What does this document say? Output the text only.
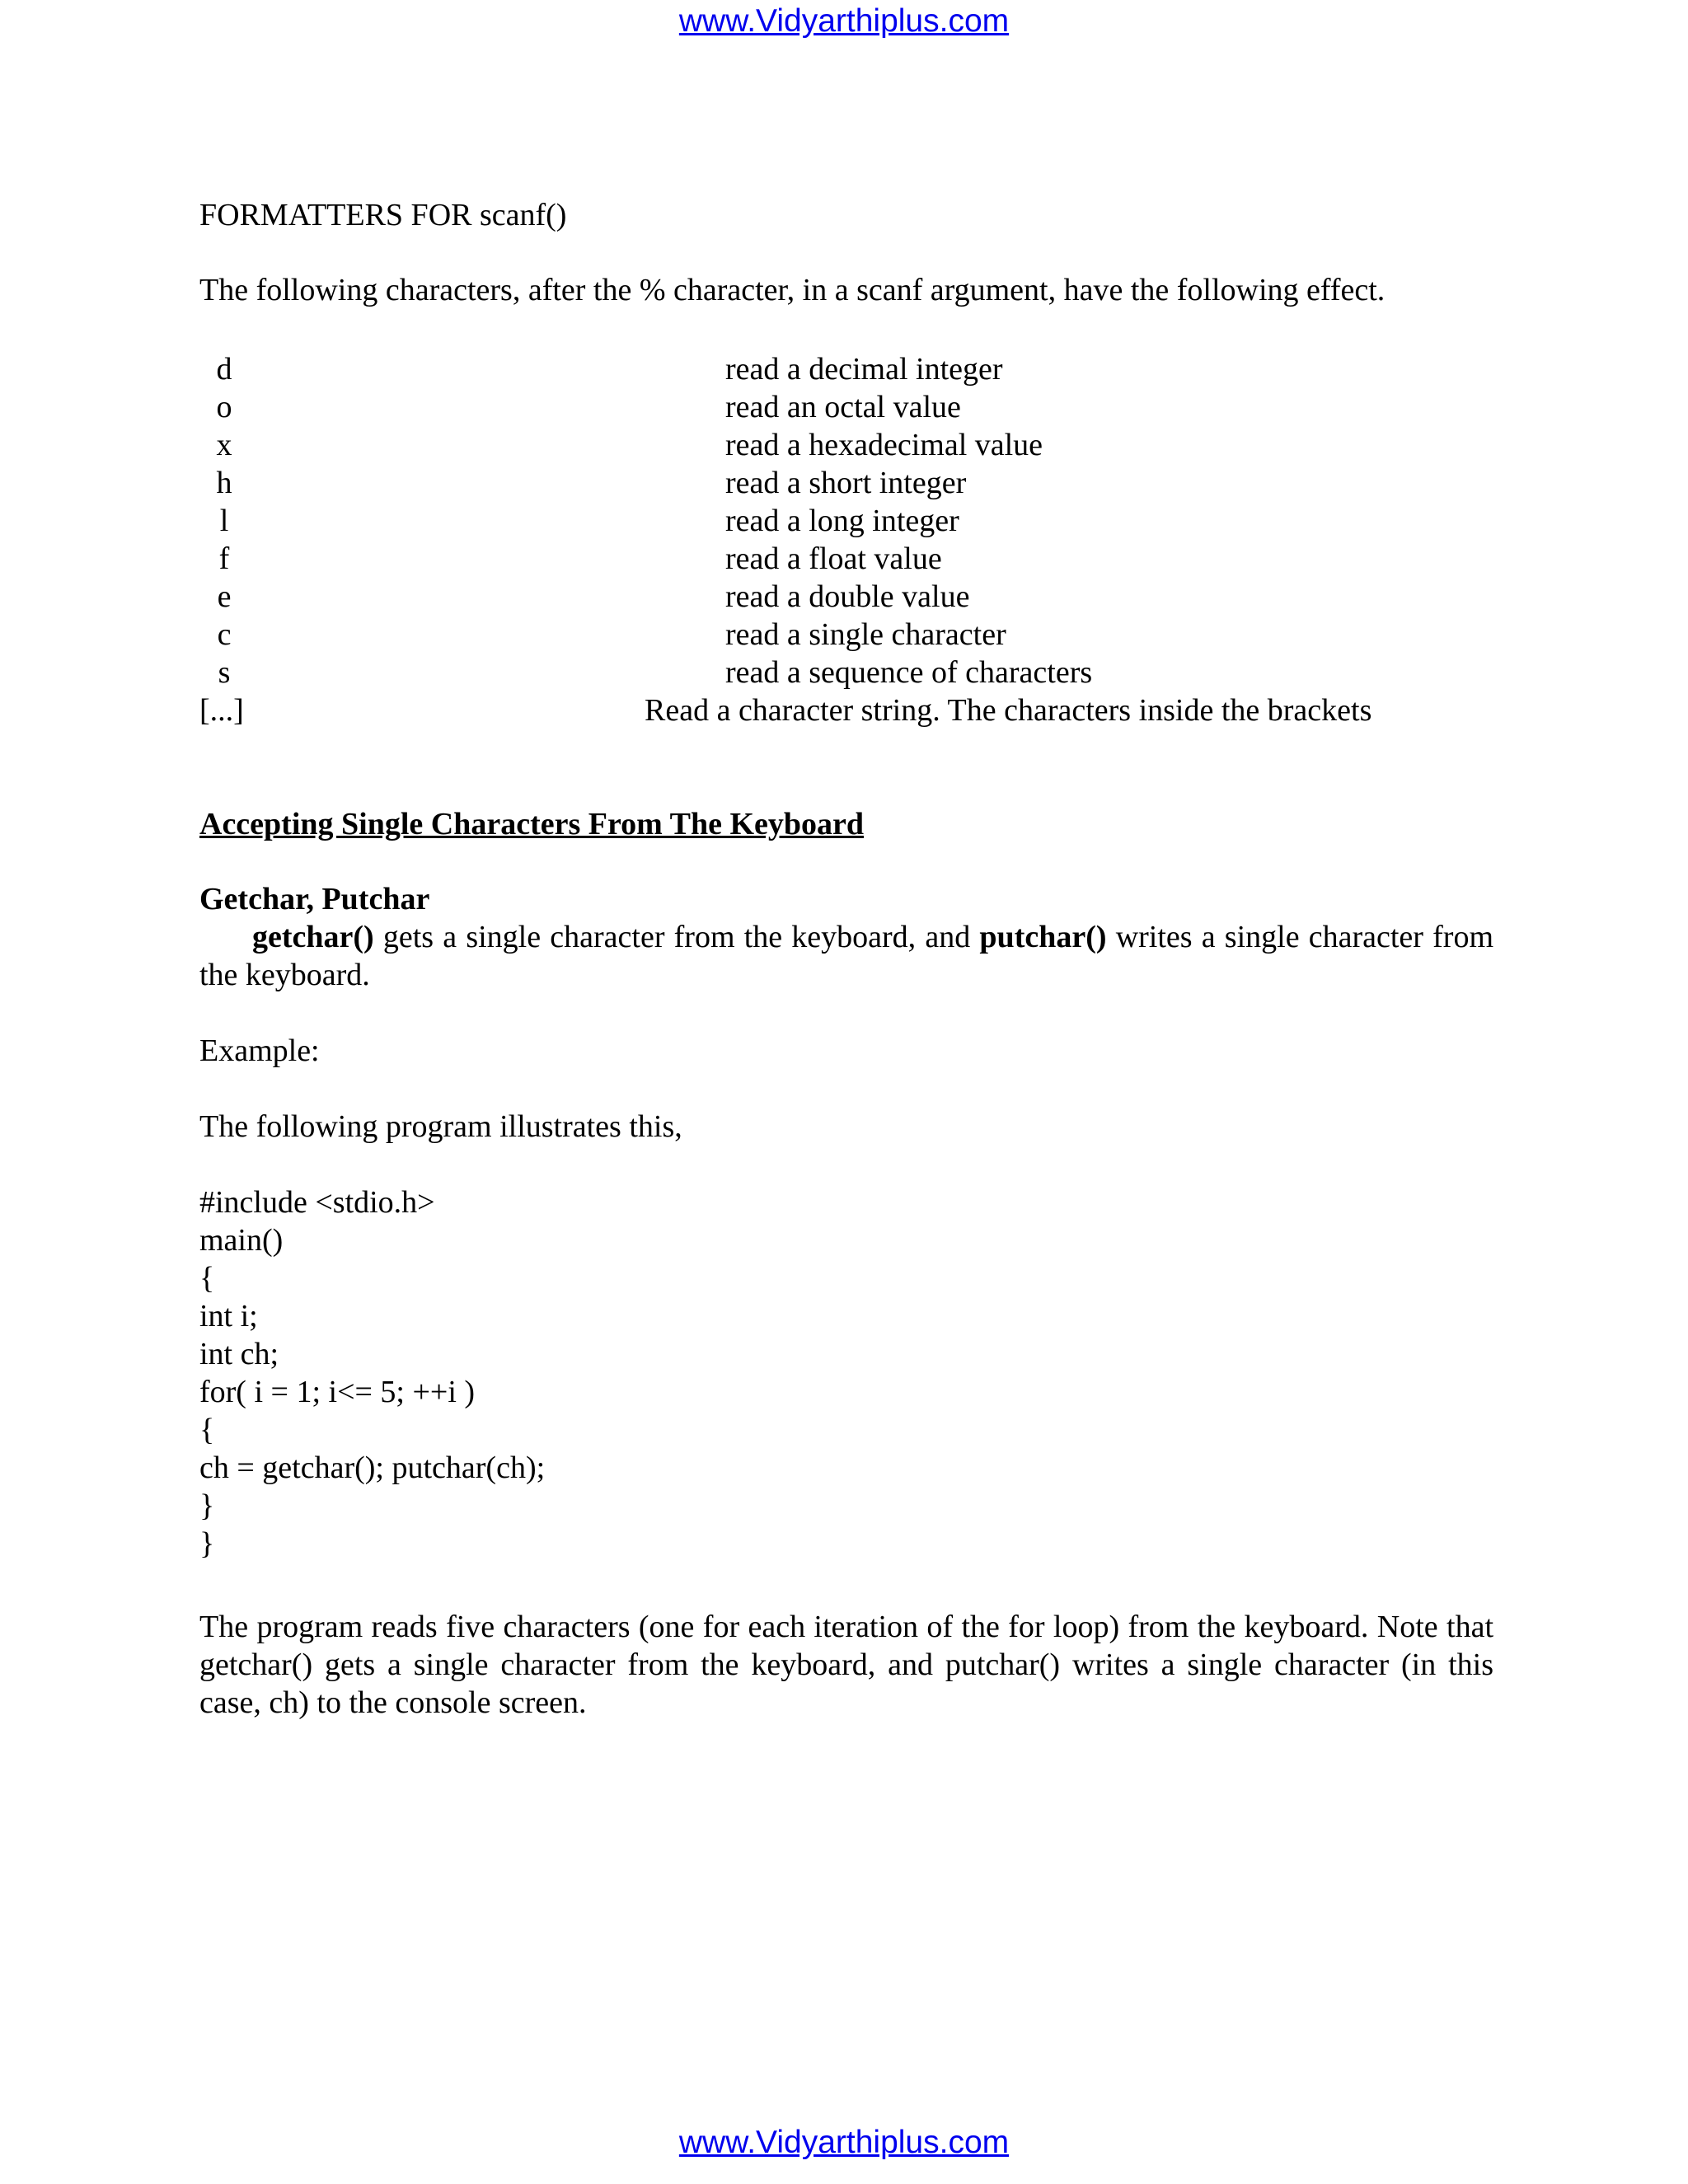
www.Vidyarthiplus.com
FORMATTERS FOR scanf()
The following characters, after the % character, in a scanf argument, have the following effect.
d	read a decimal integer
o	read an octal value
x	read a hexadecimal value
h	read a short integer
l	read a long integer
f	read a float value
e	read a double value
c	read a single character
s	read a sequence of characters
[...]	Read a character string. The characters inside the brackets
Accepting Single Characters From The Keyboard
Getchar, Putchar
getchar() gets a single character from the keyboard, and putchar() writes a single character from the keyboard.
Example:
The following program illustrates this,
#include <stdio.h>
main()
{
int i;
int ch;
for( i = 1; i<= 5; ++i )
{
ch = getchar(); putchar(ch);
}
}
The program reads five characters (one for each iteration of the for loop) from the keyboard. Note that getchar() gets a single character from the keyboard, and putchar() writes a single character (in this case, ch) to the console screen.
www.Vidyarthiplus.com
